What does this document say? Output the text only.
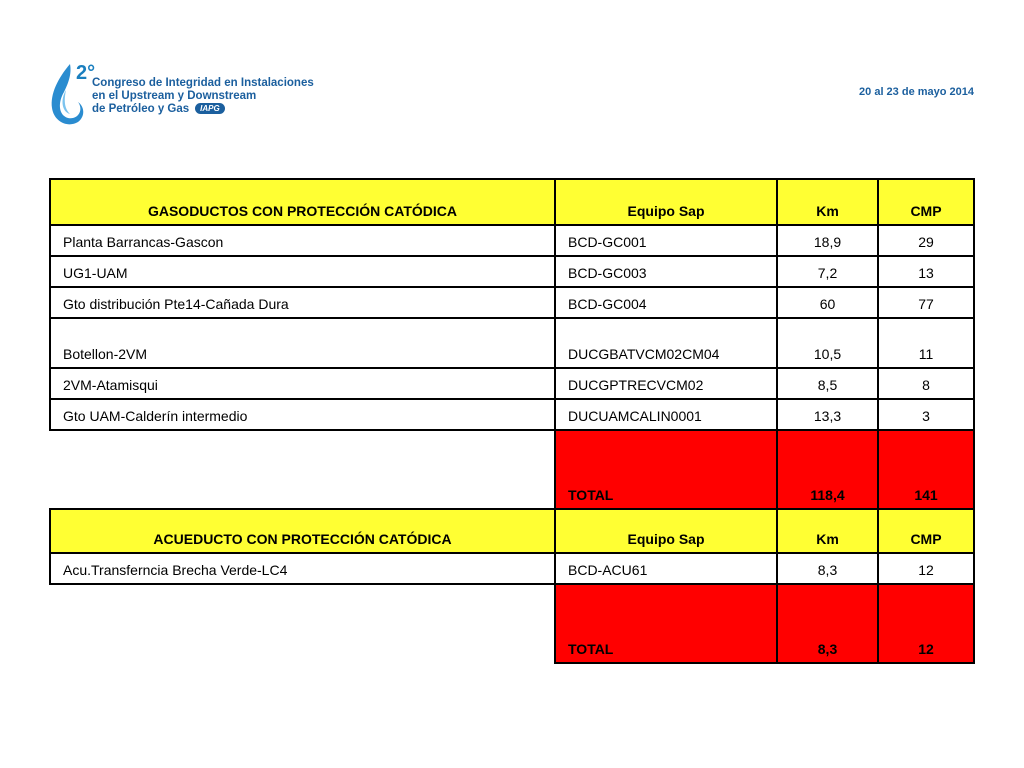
2°
Congreso de Integridad en Instalaciones
en el Upstream y Downstream
de Petróleo y Gas IAPG
20 al 23 de mayo 2014
GASODUCTOS CON PROTECCIÓN CATÓDICA	Equipo Sap	Km	CMP
Planta Barrancas-Gascon	BCD-GC001	18,9	29
UG1-UAM	BCD-GC003	7,2	13
Gto distribución Pte14-Cañada Dura	BCD-GC004	60	77
Botellon-2VM	DUCGBATVCM02CM04	10,5	11
2VM-Atamisqui	DUCGPTRECVCM02	8,5	8
Gto UAM-Calderín intermedio	DUCUAMCALIN0001	13,3	3
	TOTAL	118,4	141
ACUEDUCTO CON PROTECCIÓN CATÓDICA	Equipo Sap	Km	CMP
Acu.Transferncia Brecha Verde-LC4	BCD-ACU61	8,3	12
	TOTAL	8,3	12
